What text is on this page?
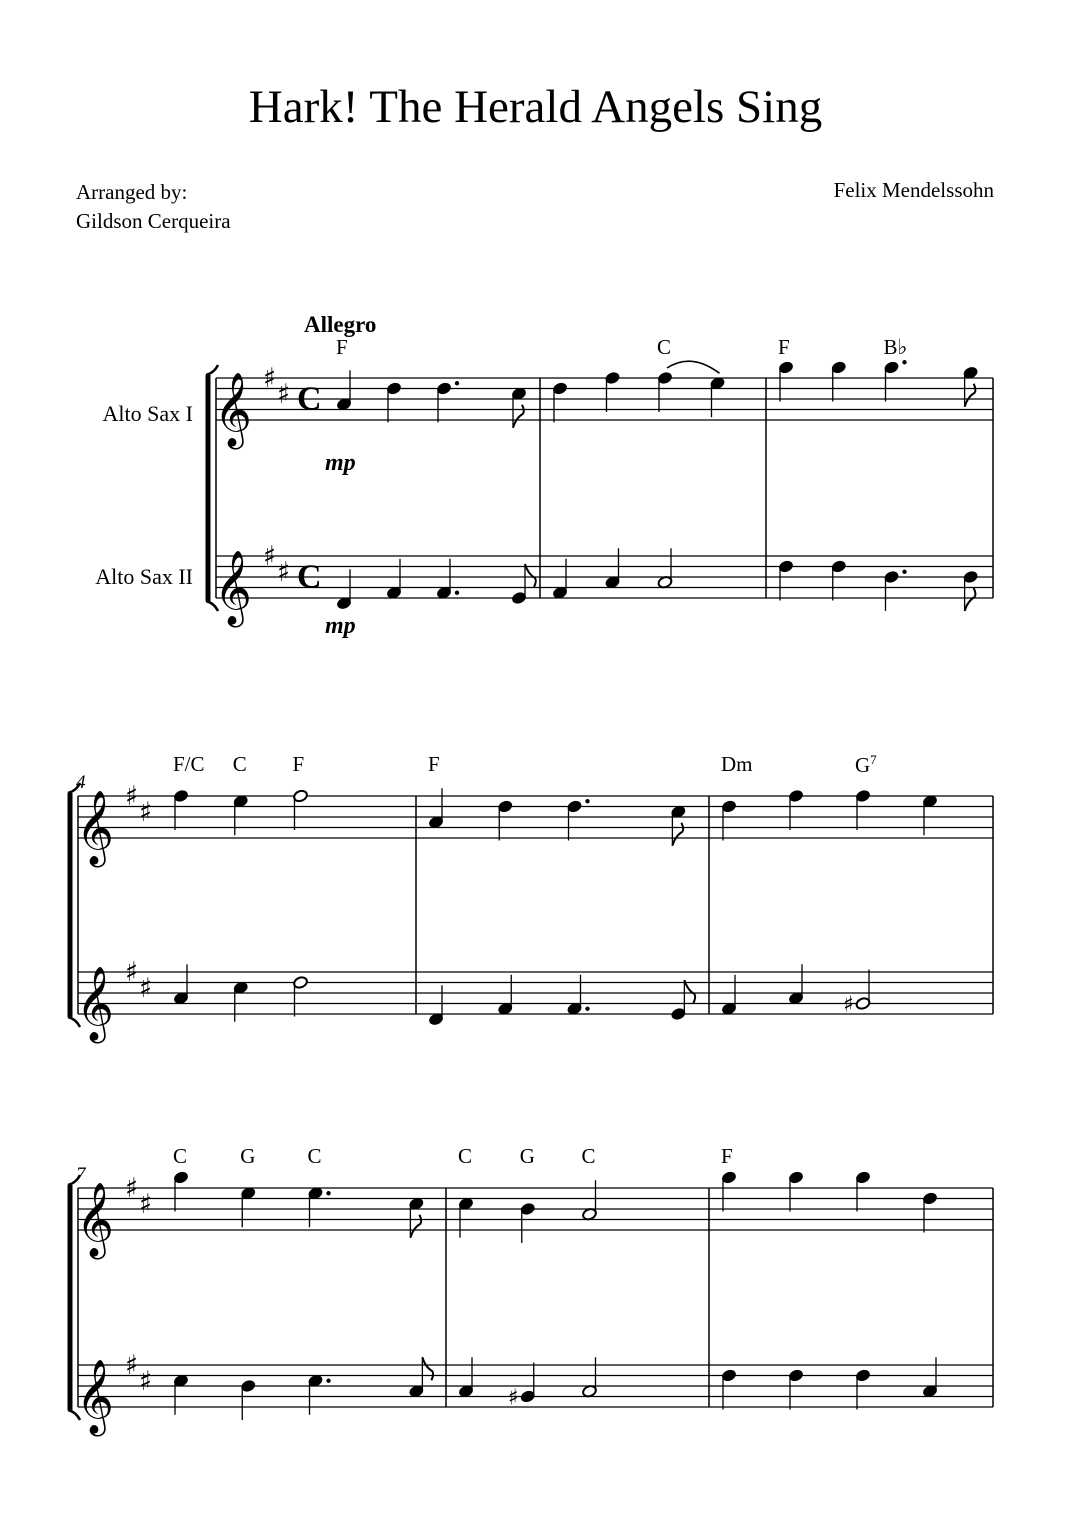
Hark! The Herald Angels Sing
Arranged by:
Gildson Cerqueira
Felix Mendelssohn
Allegro
Alto Sax I
Alto Sax II
F	C	F	B♭
mp
mp
4
F/C C F	F	Dm	$G^7$
7
C	G C	C G C	F
𝄞 ♯
♯ C
𝄞 ♯
♯ C
𝄞 ♯
♯
𝄞 ♯
♯
♯
𝄞 ♯
♯
𝄞 ♯
♯
♯
